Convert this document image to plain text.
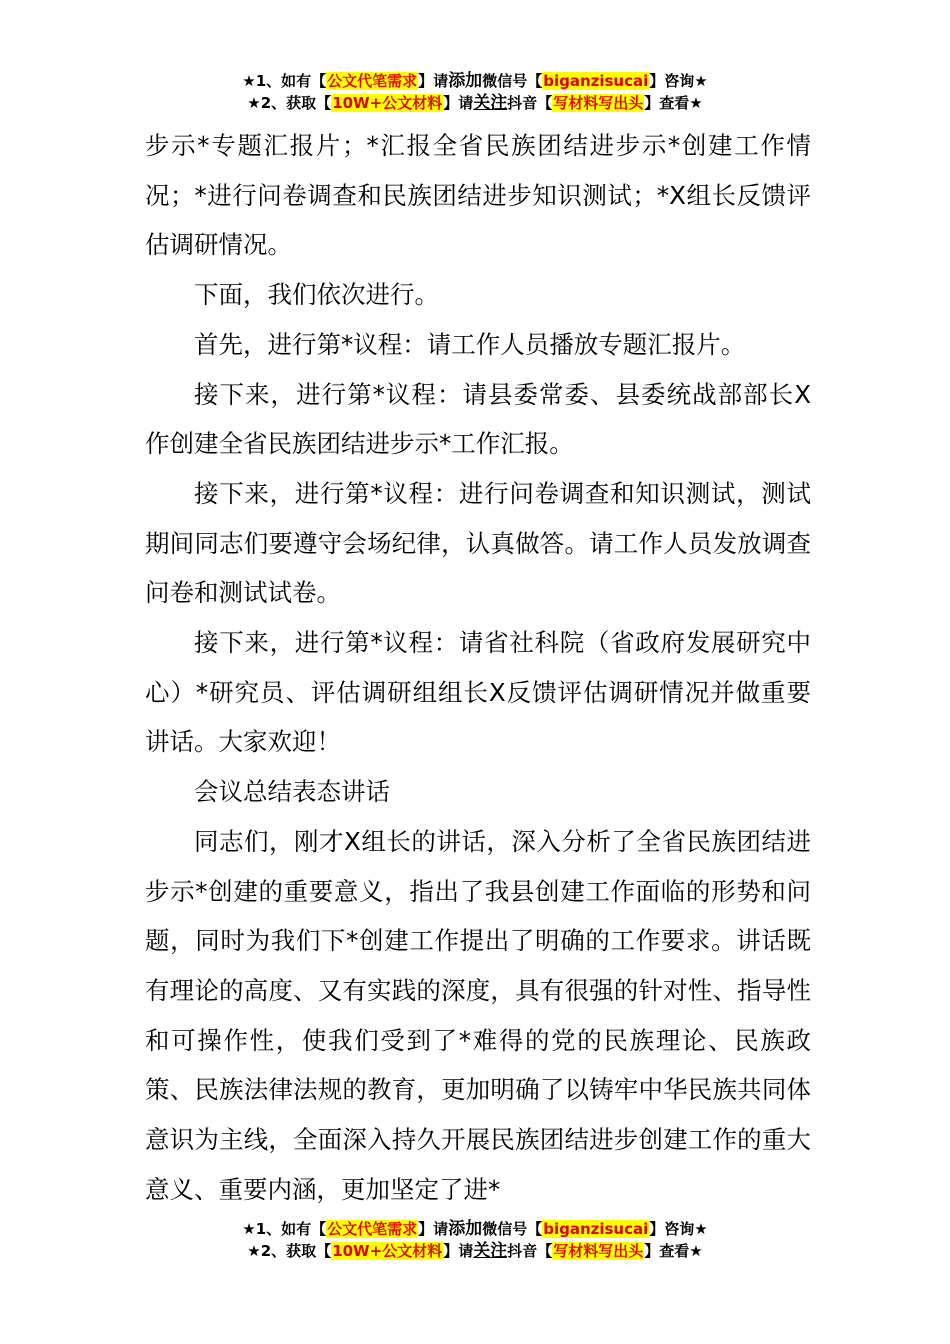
★1、如有【公文代笔需求】请添加微信号【biganzisucai】咨询★
★2、获取【10W+公文材料】请关注抖音【写材料写出头】查看★

步示*专题汇报片；*汇报全省民族团结进步示*创建工作情况；*进行问卷调查和民族团结进步知识测试；*X组长反馈评估调研情况。

下面，我们依次进行。

首先，进行第*议程：请工作人员播放专题汇报片。

接下来，进行第*议程：请县委常委、县委统战部部长X作创建全省民族团结进步示*工作汇报。

接下来，进行第*议程：进行问卷调查和知识测试，测试期间同志们要遵守会场纪律，认真做答。请工作人员发放调查问卷和测试试卷。

接下来，进行第*议程：请省社科院（省政府发展研究中心）*研究员、评估调研组组长X反馈评估调研情况并做重要讲话。大家欢迎！

会议总结表态讲话

同志们，刚才X组长的讲话，深入分析了全省民族团结进步示*创建的重要意义，指出了我县创建工作面临的形势和问题，同时为我们下*创建工作提出了明确的工作要求。讲话既有理论的高度、又有实践的深度，具有很强的针对性、指导性和可操作性，使我们受到了*难得的党的民族理论、民族政策、民族法律法规的教育，更加明确了以铸牢中华民族共同体意识为主线，全面深入持久开展民族团结进步创建工作的重大意义、重要内涵，更加坚定了进*

★1、如有【公文代笔需求】请添加微信号【biganzisucai】咨询★
★2、获取【10W+公文材料】请关注抖音【写材料写出头】查看★
